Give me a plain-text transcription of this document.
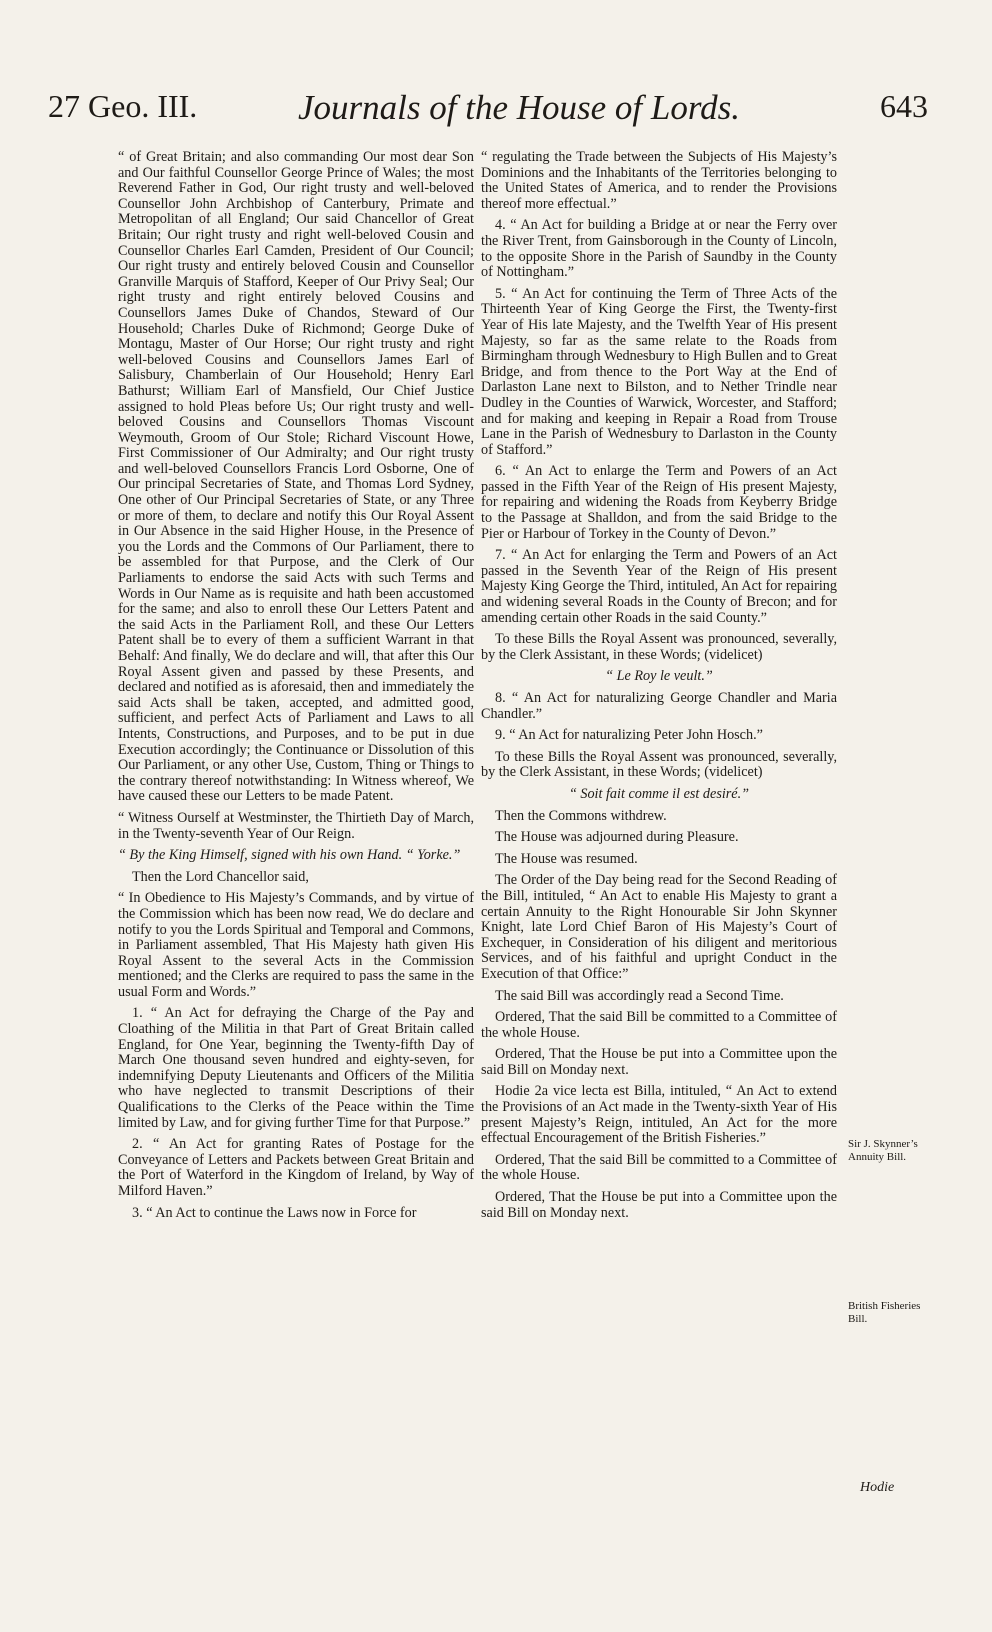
27 Geo. III.	Journals of the House of Lords.	643

“ of Great Britain; and also commanding Our most dear Son and Our faithful Counsellor George Prince of Wales; the most Reverend Father in God, Our right trusty and well-beloved Counsellor John Archbishop of Canterbury, Primate and Metropolitan of all England; Our said Chancellor of Great Britain; Our right trusty and right well-beloved Cousin and Counsellor Charles Earl Camden, President of Our Council; Our right trusty and entirely beloved Cousin and Counsellor Granville Marquis of Stafford, Keeper of Our Privy Seal; Our right trusty and right entirely beloved Cousins and Counsellors James Duke of Chandos, Steward of Our Household; Charles Duke of Richmond; George Duke of Montagu, Master of Our Horse; Our right trusty and right well-beloved Cousins and Counsellors James Earl of Salisbury, Chamberlain of Our Household; Henry Earl Bathurst; William Earl of Mansfield, Our Chief Justice assigned to hold Pleas before Us; Our right trusty and well-beloved Cousins and Counsellors Thomas Viscount Weymouth, Groom of Our Stole; Richard Viscount Howe, First Commissioner of Our Admiralty; and Our right trusty and well-beloved Counsellors Francis Lord Osborne, One of Our principal Secretaries of State, and Thomas Lord Sydney, One other of Our Principal Secretaries of State, or any Three or more of them, to declare and notify this Our Royal Assent in Our Absence in the said Higher House, in the Presence of you the Lords and the Commons of Our Parliament, there to be assembled for that Purpose, and the Clerk of Our Parliaments to endorse the said Acts with such Terms and Words in Our Name as is requisite and hath been accustomed for the same; and also to enroll these Our Letters Patent and the said Acts in the Parliament Roll, and these Our Letters Patent shall be to every of them a sufficient Warrant in that Behalf: And finally, We do declare and will, that after this Our Royal Assent given and passed by these Presents, and declared and notified as is aforesaid, then and immediately the said Acts shall be taken, accepted, and admitted good, sufficient, and perfect Acts of Parliament and Laws to all Intents, Constructions, and Purposes, and to be put in due Execution accordingly; the Continuance or Dissolution of this Our Parliament, or any other Use, Custom, Thing or Things to the contrary thereof notwithstanding: In Witness whereof, We have caused these our Letters to be made Patent.

“ Witness Ourself at Westminster, the Thirtieth Day of March, in the Twenty-seventh Year of Our Reign.

“ By the King Himself, signed with his own Hand. “ Yorke.”

Then the Lord Chancellor said,

“ In Obedience to His Majesty’s Commands, and by virtue of the Commission which has been now read, We do declare and notify to you the Lords Spiritual and Temporal and Commons, in Parliament assembled, That His Majesty hath given His Royal Assent to the several Acts in the Commission mentioned; and the Clerks are required to pass the same in the usual Form and Words.”

1. “ An Act for defraying the Charge of the Pay and Cloathing of the Militia in that Part of Great Britain called England, for One Year, beginning the Twenty-fifth Day of March One thousand seven hundred and eighty-seven, for indemnifying Deputy Lieutenants and Officers of the Militia who have neglected to transmit Descriptions of their Qualifications to the Clerks of the Peace within the Time limited by Law, and for giving further Time for that Purpose.”

2. “ An Act for granting Rates of Postage for the Conveyance of Letters and Packets between Great Britain and the Port of Waterford in the Kingdom of Ireland, by Way of Milford Haven.”

3. “ An Act to continue the Laws now in Force for

“ regulating the Trade between the Subjects of His Majesty’s Dominions and the Inhabitants of the Territories belonging to the United States of America, and to render the Provisions thereof more effectual.”

4. “ An Act for building a Bridge at or near the Ferry over the River Trent, from Gainsborough in the County of Lincoln, to the opposite Shore in the Parish of Saundby in the County of Nottingham.”

5. “ An Act for continuing the Term of Three Acts of the Thirteenth Year of King George the First, the Twenty-first Year of His late Majesty, and the Twelfth Year of His present Majesty, so far as the same relate to the Roads from Birmingham through Wednesbury to High Bullen and to Great Bridge, and from thence to the Port Way at the End of Darlaston Lane next to Bilston, and to Nether Trindle near Dudley in the Counties of Warwick, Worcester, and Stafford; and for making and keeping in Repair a Road from Trouse Lane in the Parish of Wednesbury to Darlaston in the County of Stafford.”

6. “ An Act to enlarge the Term and Powers of an Act passed in the Fifth Year of the Reign of His present Majesty, for repairing and widening the Roads from Keyberry Bridge to the Passage at Shalldon, and from the said Bridge to the Pier or Harbour of Torkey in the County of Devon.”

7. “ An Act for enlarging the Term and Powers of an Act passed in the Seventh Year of the Reign of His present Majesty King George the Third, intituled, An Act for repairing and widening several Roads in the County of Brecon; and for amending certain other Roads in the said County.”

To these Bills the Royal Assent was pronounced, severally, by the Clerk Assistant, in these Words; (videlicet)

“ Le Roy le veult.”

8. “ An Act for naturalizing George Chandler and Maria Chandler.”

9. “ An Act for naturalizing Peter John Hosch.”

To these Bills the Royal Assent was pronounced, severally, by the Clerk Assistant, in these Words; (videlicet)

“ Soit fait comme il est desiré.”

Then the Commons withdrew.

The House was adjourned during Pleasure.

The House was resumed.

The Order of the Day being read for the Second Reading of the Bill, intituled, “ An Act to enable His Majesty to grant a certain Annuity to the Right Honourable Sir John Skynner Knight, late Lord Chief Baron of His Majesty’s Court of Exchequer, in Consideration of his diligent and meritorious Services, and of his faithful and upright Conduct in the Execution of that Office:”

The said Bill was accordingly read a Second Time.

Ordered, That the said Bill be committed to a Committee of the whole House.

Ordered, That the House be put into a Committee upon the said Bill on Monday next.

Hodie 2a vice lecta est Billa, intituled, “ An Act to extend the Provisions of an Act made in the Twenty-sixth Year of His present Majesty’s Reign, intituled, An Act for the more effectual Encouragement of the British Fisheries.”

Ordered, That the said Bill be committed to a Committee of the whole House.

Ordered, That the House be put into a Committee upon the said Bill on Monday next.

Sir J. Skynner’s Annuity Bill.
British Fisheries Bill.
Hodie
